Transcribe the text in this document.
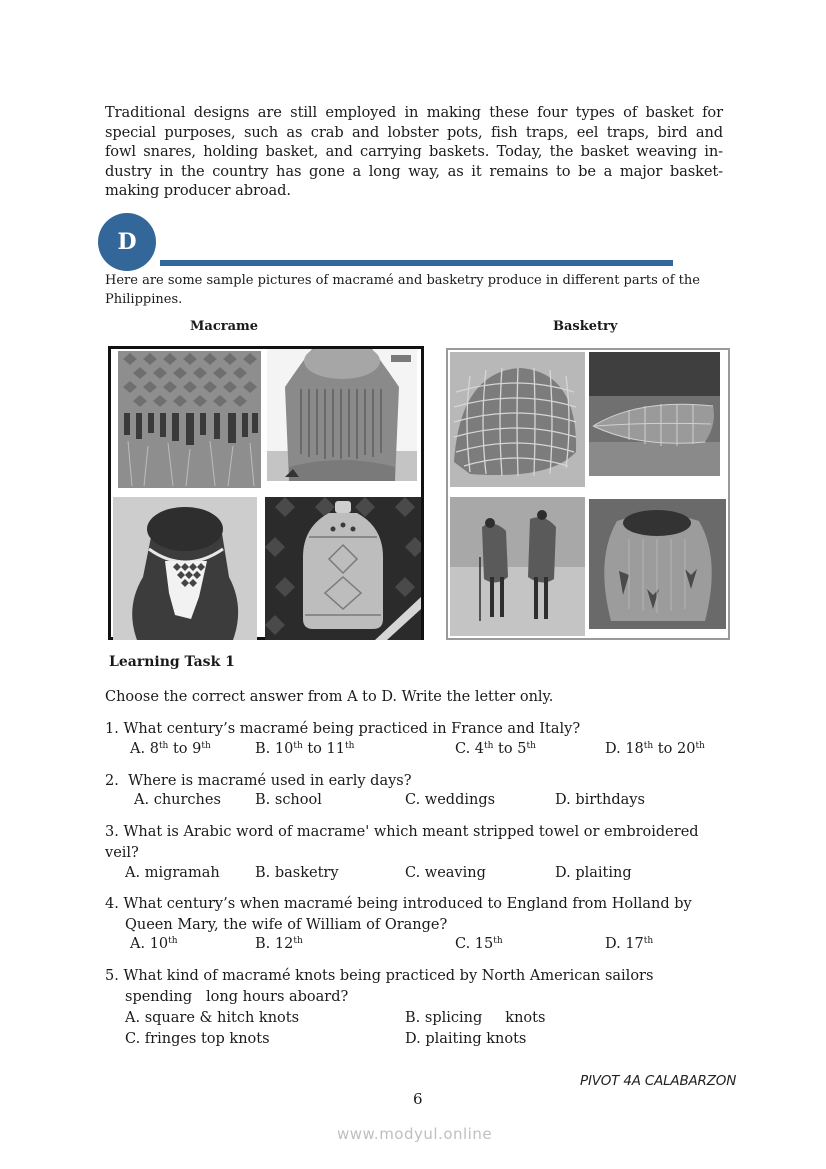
Traditional designs are still employed in making these four types of basket for
special purposes, such as crab and lobster pots, fish traps, eel traps, bird and
fowl snares, holding basket, and carrying baskets. Today, the basket weaving in-
dustry in the country has gone a long way, as it remains to be a major basket-
making producer abroad.
D
Here are some sample pictures of macramé and basketry produce in different parts of the Philippines.
Macrame	Basketry
Learning Task 1
Choose the correct answer from A to D. Write the letter only.
1. What century’s macramé being practiced in France and Italy?
A. 8th to 9th	B. 10th to 11th	C. 4th to 5th	D. 18th to 20th
2. Where is macramé used in early days?
A. churches B. school	C. weddings	D. birthdays
3. What is Arabic word of macrame' which meant stripped towel or embroidered
veil?
A. migramah B. basketry	C. weaving	D. plaiting
4. What century’s when macramé being introduced to England from Holland by
Queen Mary, the wife of William of Orange?
A. 10th	B. 12th	C. 15th	D. 17th
5. What kind of macramé knots being practiced by North American sailors
spending   long hours aboard?
A. square & hitch knots	B. splicing     knots
C. fringes top knots	D. plaiting knots
PIVOT 4A CALABARZON
6
www.modyul.online
